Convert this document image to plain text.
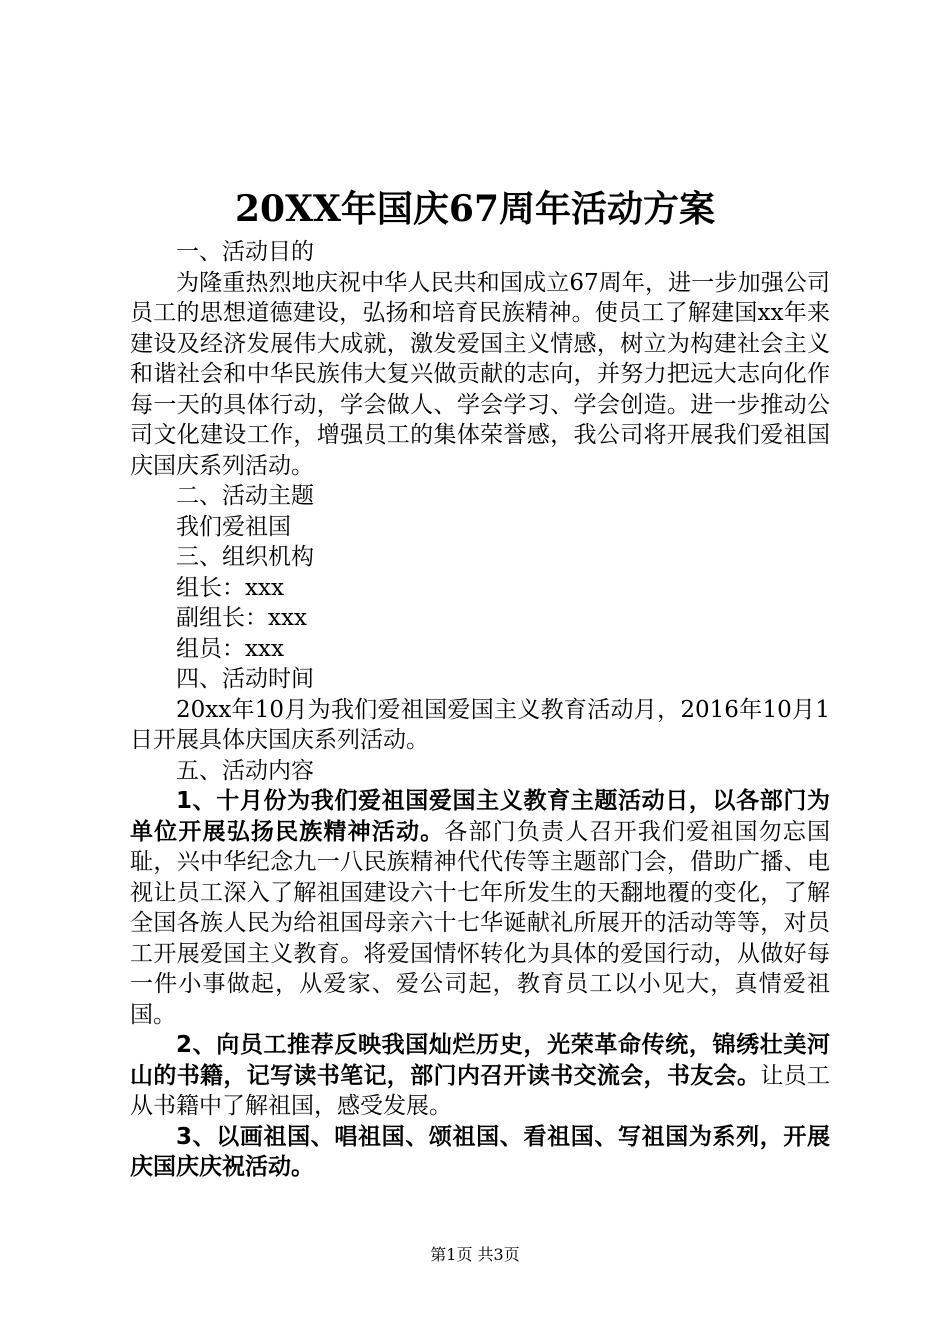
20XX年国庆67周年活动方案
一、活动目的
为隆重热烈地庆祝中华人民共和国成立67周年，进一步加强公司员工的思想道德建设，弘扬和培育民族精神。使员工了解建国xx年来建设及经济发展伟大成就，激发爱国主义情感，树立为构建社会主义和谐社会和中华民族伟大复兴做贡献的志向，并努力把远大志向化作每一天的具体行动，学会做人、学会学习、学会创造。进一步推动公司文化建设工作，增强员工的集体荣誉感，我公司将开展我们爱祖国庆国庆系列活动。
二、活动主题
我们爱祖国
三、组织机构
组长：xxx
副组长：xxx
组员：xxx
四、活动时间
20xx年10月为我们爱祖国爱国主义教育活动月，2016年10月1日开展具体庆国庆系列活动。
五、活动内容
1、十月份为我们爱祖国爱国主义教育主题活动日，以各部门为单位开展弘扬民族精神活动。各部门负责人召开我们爱祖国勿忘国耻，兴中华纪念九一八民族精神代代传等主题部门会，借助广播、电视让员工深入了解祖国建设六十七年所发生的天翻地覆的变化，了解全国各族人民为给祖国母亲六十七华诞献礼所展开的活动等等，对员工开展爱国主义教育。将爱国情怀转化为具体的爱国行动，从做好每一件小事做起，从爱家、爱公司起，教育员工以小见大，真情爱祖国。
2、向员工推荐反映我国灿烂历史，光荣革命传统，锦绣壮美河山的书籍，记写读书笔记，部门内召开读书交流会，书友会。让员工从书籍中了解祖国，感受发展。
3、以画祖国、唱祖国、颂祖国、看祖国、写祖国为系列，开展庆国庆庆祝活动。
第1页 共3页
